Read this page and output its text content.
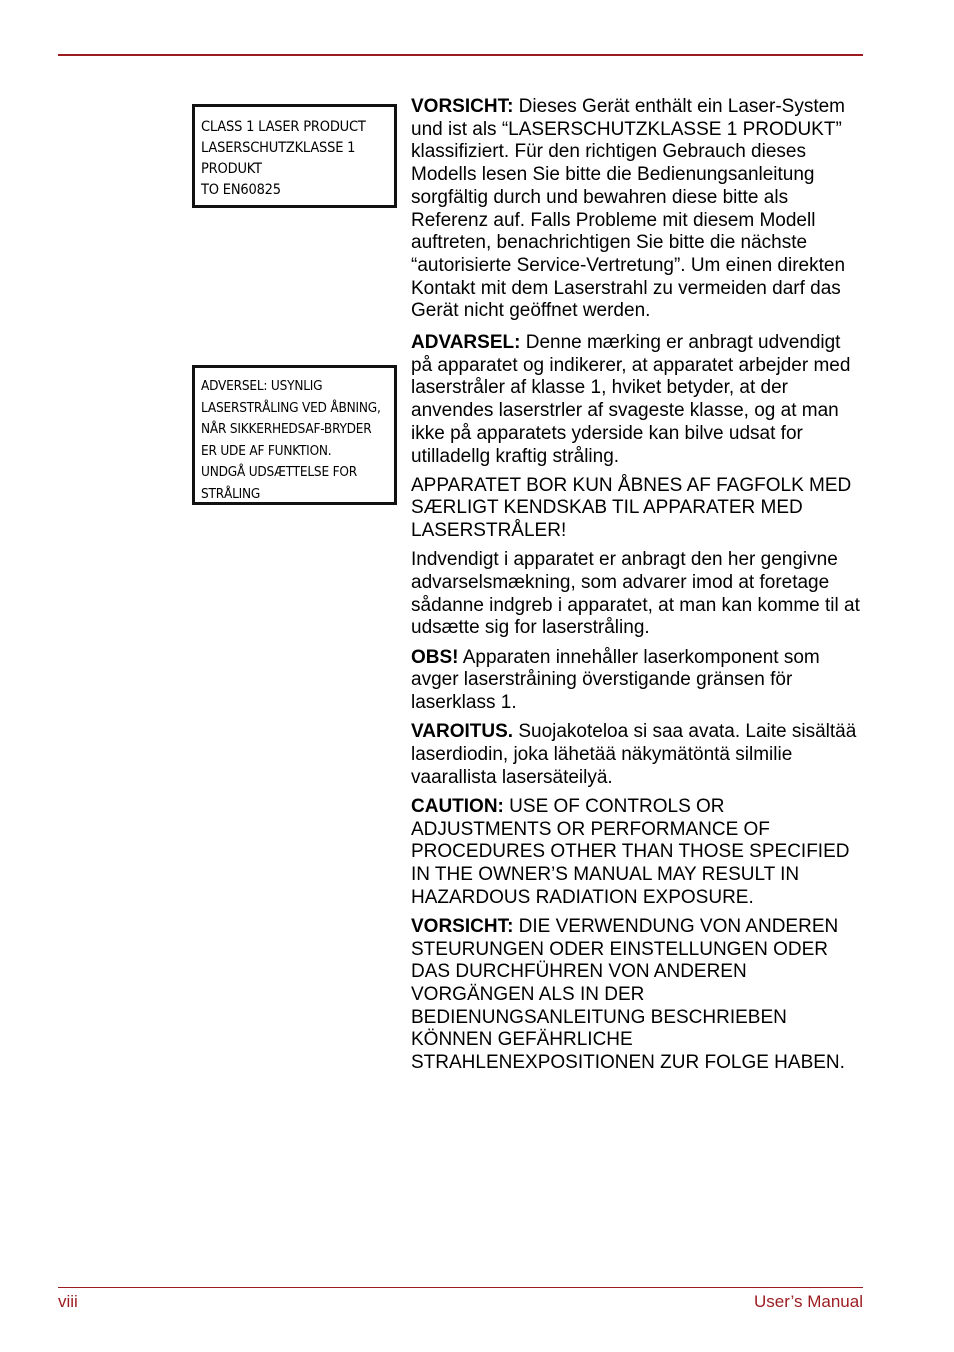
CLASS 1 LASER PRODUCT
LASERSCHUTZKLASSE 1
PRODUKT
TO EN60825
ADVERSEL: USYNLIG
LASERSTRÅLING VED ÅBNING,
NÅR SIKKERHEDSAF-BRYDER
ER UDE AF FUNKTION.
UNDGÅ UDSÆTTELSE FOR
STRÅLING

VORSICHT: Dieses Gerät enthält ein Laser-System und ist als “LASERSCHUTZKLASSE 1 PRODUKT” klassifiziert. Für den richtigen Gebrauch dieses Modells lesen Sie bitte die Bedienungsanleitung sorgfältig durch und bewahren diese bitte als Referenz auf. Falls Probleme mit diesem Modell auftreten, benachrichtigen Sie bitte die nächste “autorisierte Service-Vertretung”. Um einen direkten Kontakt mit dem Laserstrahl zu vermeiden darf das Gerät nicht geöffnet werden.

ADVARSEL: Denne mærking er anbragt udvendigt på apparatet og indikerer, at apparatet arbejder med laserstråler af klasse 1, hviket betyder, at der anvendes laserstrler af svageste klasse, og at man ikke på apparatets yderside kan bilve udsat for utilladellg kraftig stråling.

APPARATET BOR KUN ÅBNES AF FAGFOLK MED SÆRLIGT KENDSKAB TIL APPARATER MED LASERSTRÅLER!

Indvendigt i apparatet er anbragt den her gengivne advarselsmækning, som advarer imod at foretage sådanne indgreb i apparatet, at man kan komme til at udsætte sig for laserstråling.

OBS! Apparaten innehåller laserkomponent som avger laserstråining överstigande gränsen för laserklass 1.

VAROITUS. Suojakoteloa si saa avata. Laite sisältää laserdiodin, joka lähetää näkymätöntä silmilie vaarallista lasersäteilyä.

CAUTION: USE OF CONTROLS OR ADJUSTMENTS OR PERFORMANCE OF PROCEDURES OTHER THAN THOSE SPECIFIED IN THE OWNER’S MANUAL MAY RESULT IN HAZARDOUS RADIATION EXPOSURE.

VORSICHT: DIE VERWENDUNG VON ANDEREN STEURUNGEN ODER EINSTELLUNGEN ODER DAS DURCHFÜHREN VON ANDEREN VORGÄNGEN ALS IN DER BEDIENUNGSANLEITUNG BESCHRIEBEN KÖNNEN GEFÄHRLICHE STRAHLENEXPOSITIONEN ZUR FOLGE HABEN.

viii	User’s Manual
